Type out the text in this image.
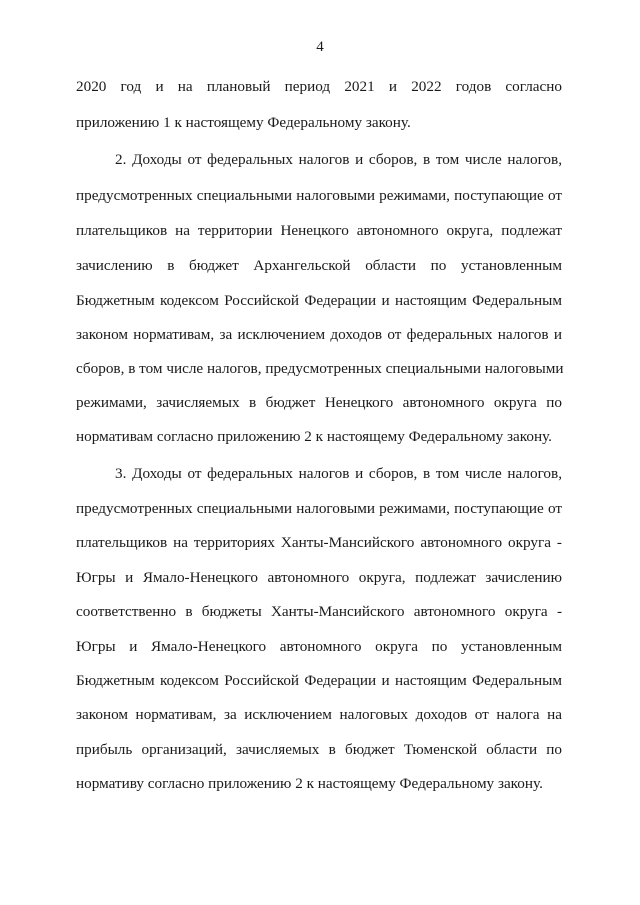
4
2020 год и на плановый период 2021 и 2022 годов согласно
приложению 1 к настоящему Федеральному закону.
2. Доходы от федеральных налогов и сборов, в том числе налогов,
предусмотренных специальными налоговыми режимами, поступающие от
плательщиков на территории Ненецкого автономного округа, подлежат
зачислению в бюджет Архангельской области по установленным
Бюджетным кодексом Российской Федерации и настоящим Федеральным
законом нормативам, за исключением доходов от федеральных налогов и
сборов, в том числе налогов, предусмотренных специальными налоговыми
режимами, зачисляемых в бюджет Ненецкого автономного округа по
нормативам согласно приложению 2 к настоящему Федеральному закону.
3. Доходы от федеральных налогов и сборов, в том числе налогов,
предусмотренных специальными налоговыми режимами, поступающие от
плательщиков на территориях Ханты-Мансийского автономного округа -
Югры и Ямало-Ненецкого автономного округа, подлежат зачислению
соответственно в бюджеты Ханты-Мансийского автономного округа -
Югры и Ямало-Ненецкого автономного округа по установленным
Бюджетным кодексом Российской Федерации и настоящим Федеральным
законом нормативам, за исключением налоговых доходов от налога на
прибыль организаций, зачисляемых в бюджет Тюменской области по
нормативу согласно приложению 2 к настоящему Федеральному закону.
